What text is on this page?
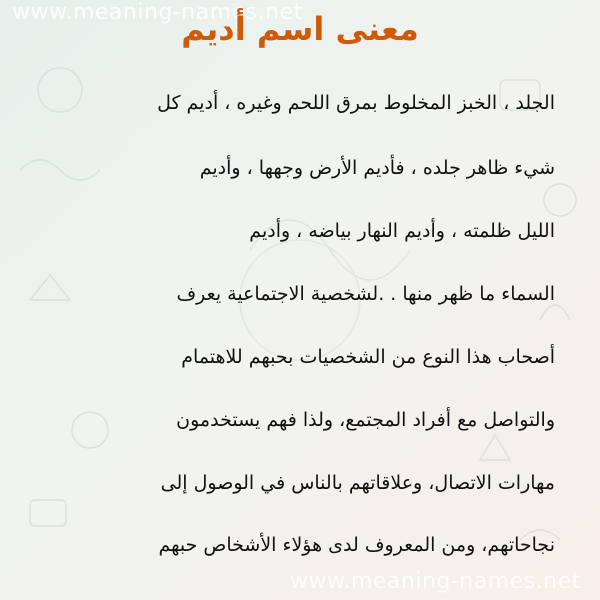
www.meaning-names.net
www.meaning-names.net
معنى اسم أديم
الجلد ، الخبز المخلوط بمرق اللحم وغيره ، أديم كل
شيء ظاهر جلده ، فأديم الأرض وجهها ، وأديم
الليل ظلمته ، وأديم النهار بياضه ، وأديم
السماء ما ظهر منها . .لشخصية الاجتماعية يعرف
أصحاب هذا النوع من الشخصيات بحبهم للاهتمام
والتواصل مع أفراد المجتمع، ولذا فهم يستخدمون
مهارات الاتصال، وعلاقاتهم بالناس في الوصول إلى
نجاحاتهم، ومن المعروف لدى هؤلاء الأشخاص حبهم
